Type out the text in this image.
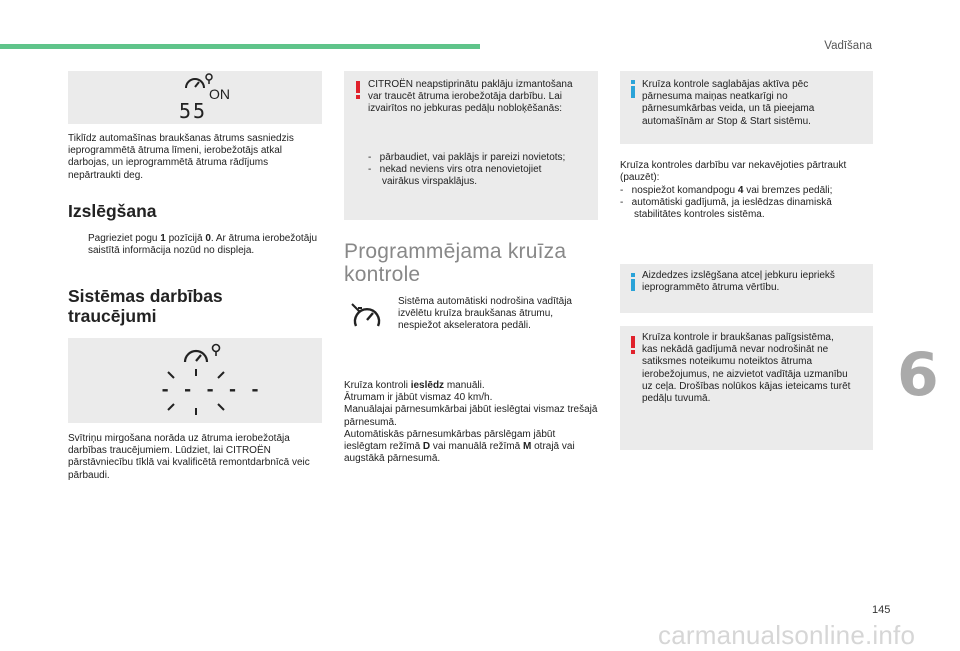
Vadīšana
ON
55

Tiklīdz automašīnas braukšanas ātrums sasniedzis ieprogrammētā ātruma līmeni, ierobežotājs atkal darbojas, un ieprogrammētā ātruma rādījums nepārtraukti deg.

Izslēgšana

Pagrieziet pogu 1 pozīcijā 0. Ar ātruma ierobežotāju saistītā informācija nozūd no displeja.

Sistēmas darbības
traucējumi
- - - - -

Svītriņu mirgošana norāda uz ātruma ierobežotāja darbības traucējumiem. Lūdziet, lai CITROËN pārstāvniecību tīklā vai kvalificētā remontdarbnīcā veic pārbaudi.

CITROËN neapstiprinātu paklāju izmantošana var traucēt ātruma ierobežotāja darbību. Lai izvairītos no jebkuras pedāļu nobloķēšanās:

-   pārbaudiet, vai paklājs ir pareizi novietots;
-   nekad neviens virs otra nenovietojiet vairākus virspaklājus.
Programmējama kruīza
kontrole

Sistēma automātiski nodrošina vadītāja izvēlētu kruīza braukšanas ātrumu, nespiežot akseleratora pedāli.

Kruīza kontroli ieslēdz manuāli.
Ātrumam ir jābūt vismaz 40 km/h.
Manuālajai pārnesumkārbai jābūt ieslēgtai vismaz trešajā pārnesumā.
Automātiskās pārnesumkārbas pārslēgam jābūt ieslēgtam režīmā D vai manuālā režīmā M otrajā vai augstākā pārnesumā.

Kruīza kontrole saglabājas aktīva pēc pārnesuma maiņas neatkarīgi no pārnesumkārbas veida, un tā pieejama automašīnām ar Stop & Start sistēmu.

Kruīza kontroles darbību var nekavējoties pārtraukt (pauzēt):

-   nospiežot komandpogu 4 vai bremzes pedāli;
-   automātiski gadījumā, ja ieslēdzas dinamiskā stabilitātes kontroles sistēma.

Aizdedzes izslēgšana atceļ jebkuru iepriekš ieprogrammēto ātruma vērtību.

Kruīza kontrole ir braukšanas palīgsistēma, kas nekādā gadījumā nevar nodrošināt ne satiksmes noteikumu noteiktos ātruma ierobežojumus, ne aizvietot vadītāja uzmanību uz ceļa. Drošības nolūkos kājas ieteicams turēt pedāļu tuvumā.	6
145
carmanualsonline.info
